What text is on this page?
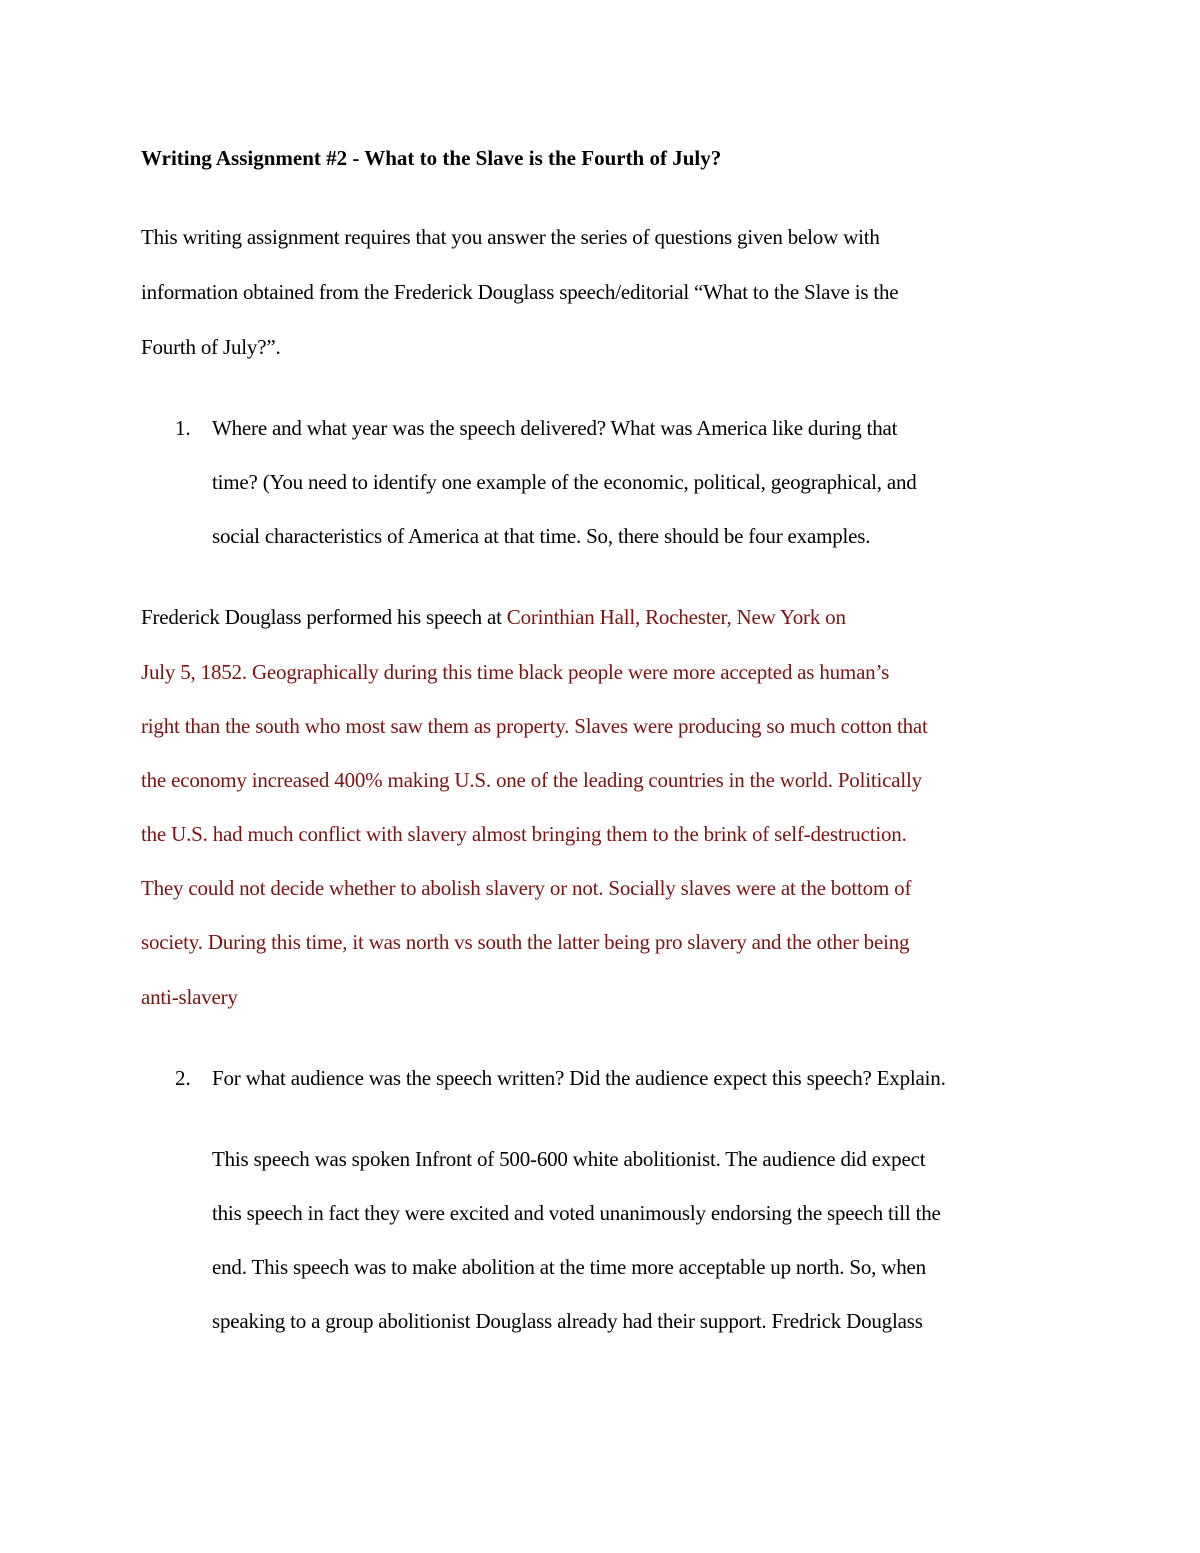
Writing Assignment #2 - What to the Slave is the Fourth of July?
This writing assignment requires that you answer the series of questions given below with
information obtained from the Frederick Douglass speech/editorial “What to the Slave is the
Fourth of July?”.
1. Where and what year was the speech delivered? What was America like during that
time? (You need to identify one example of the economic, political, geographical, and
social characteristics of America at that time. So, there should be four examples.
Frederick Douglass performed his speech at Corinthian Hall, Rochester, New York on
July 5, 1852. Geographically during this time black people were more accepted as human’s
right than the south who most saw them as property. Slaves were producing so much cotton that
the economy increased 400% making U.S. one of the leading countries in the world. Politically
the U.S. had much conflict with slavery almost bringing them to the brink of self-destruction.
They could not decide whether to abolish slavery or not. Socially slaves were at the bottom of
society. During this time, it was north vs south the latter being pro slavery and the other being
anti-slavery
2. For what audience was the speech written? Did the audience expect this speech? Explain.
This speech was spoken Infront of 500-600 white abolitionist. The audience did expect
this speech in fact they were excited and voted unanimously endorsing the speech till the
end. This speech was to make abolition at the time more acceptable up north. So, when
speaking to a group abolitionist Douglass already had their support. Fredrick Douglass
